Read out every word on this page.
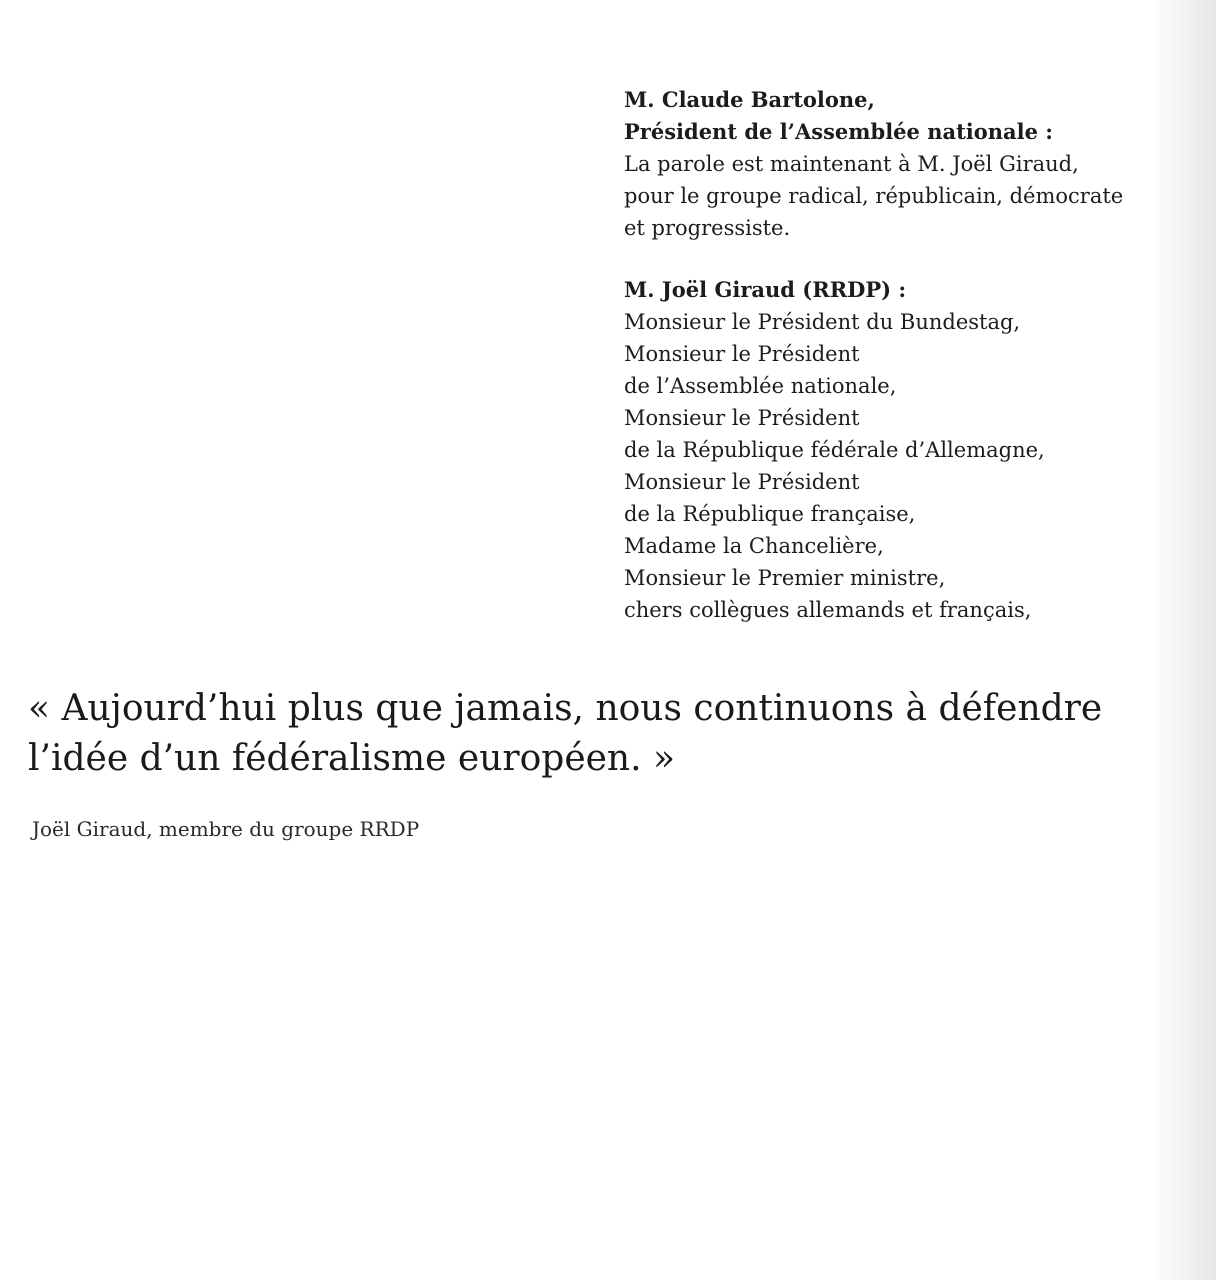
M. Claude Bartolone,

Président de l’Assemblée nationale :

La parole est maintenant à M. Joël Giraud,

pour le groupe radical, républicain, démocrate

et progressiste.

M. Joël Giraud (RRDP) :

Monsieur le Président du Bundestag,

Monsieur le Président

de l’Assemblée nationale,

Monsieur le Président

de la République fédérale d’Allemagne,

Monsieur le Président

de la République française,

Madame la Chancelière,

Monsieur le Premier ministre,

chers collègues allemands et français,

« Aujourd’hui plus que jamais, nous continuons à défendre

l’idée d’un fédéralisme européen. »

Joël Giraud, membre du groupe RRDP
